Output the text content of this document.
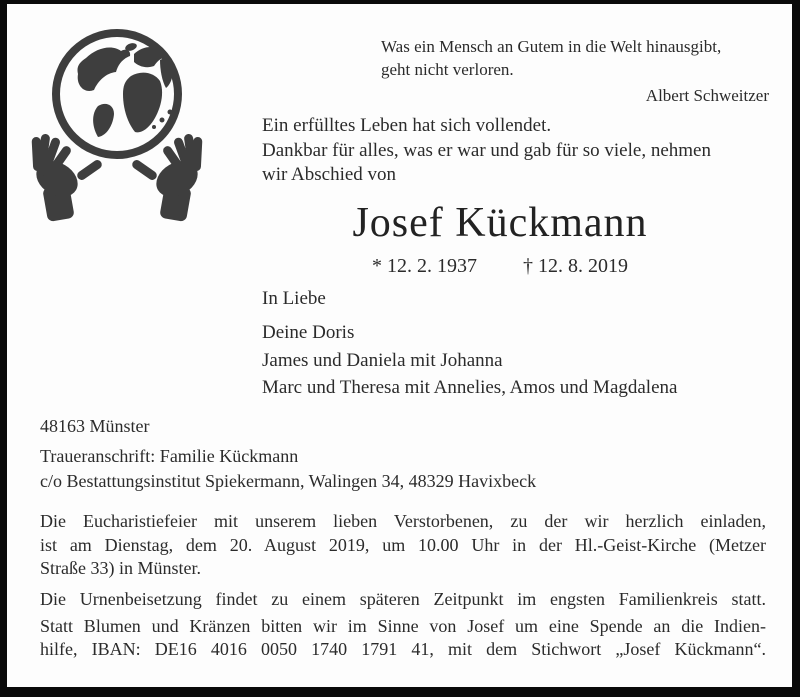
Was ein Mensch an Gutem in die Welt hinausgibt,
geht nicht verloren.
Albert Schweitzer
Ein erfülltes Leben hat sich vollendet.
Dankbar für alles, was er war und gab für so viele, nehmen
wir Abschied von
Josef Kückmann
* 12. 2. 1937 † 12. 8. 2019
In Liebe
Deine Doris
James und Daniela mit Johanna
Marc und Theresa mit Annelies, Amos und Magdalena
48163 Münster
Traueranschrift: Familie Kückmann
c/o Bestattungsinstitut Spiekermann, Walingen 34, 48329 Havixbeck
Die Eucharistiefeier mit unserem lieben Verstorbenen, zu der wir herzlich einladen,
ist am Dienstag, dem 20. August 2019, um 10.00 Uhr in der Hl.-Geist-Kirche (Metzer
Straße 33) in Münster.
Die Urnenbeisetzung findet zu einem späteren Zeitpunkt im engsten Familienkreis statt.
Statt Blumen und Kränzen bitten wir im Sinne von Josef um eine Spende an die Indien-
hilfe, IBAN: DE16 4016 0050 1740 1791 41, mit dem Stichwort „Josef Kückmann“.
